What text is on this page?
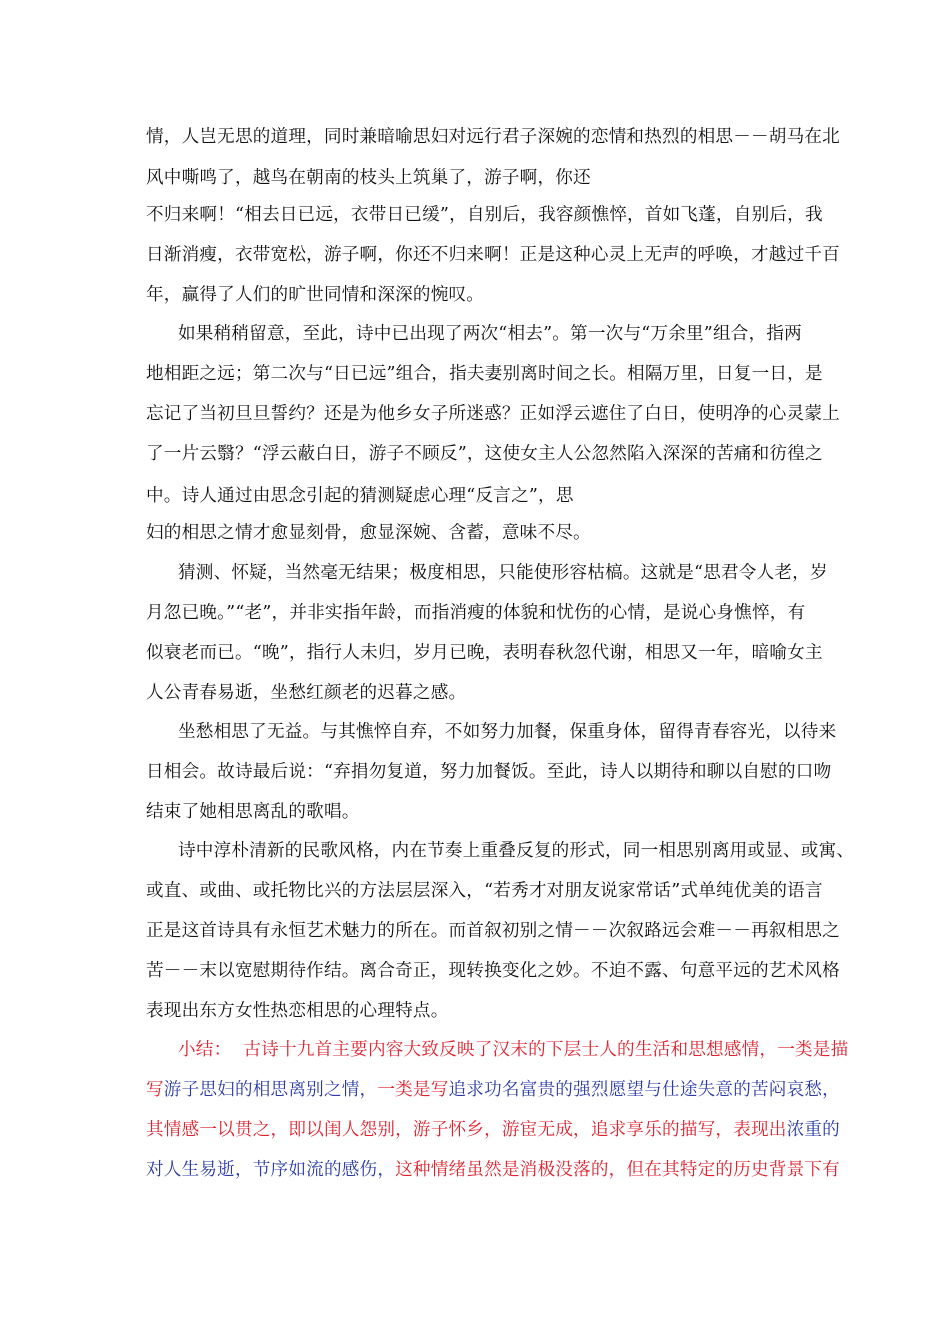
情，人岂无思的道理，同时兼暗喻思妇对远行君子深婉的恋情和热烈的相思－－胡马在北

风中嘶鸣了，越鸟在朝南的枝头上筑巢了，游子啊，你还

不归来啊！“相去日已远，衣带日已缓”，自别后，我容颜憔悴，首如飞蓬，自别后，我

日渐消瘦，衣带宽松，游子啊，你还不归来啊！正是这种心灵上无声的呼唤，才越过千百

年，赢得了人们的旷世同情和深深的惋叹。

如果稍稍留意，至此，诗中已出现了两次“相去”。第一次与“万余里”组合，指两

地相距之远；第二次与“日已远”组合，指夫妻别离时间之长。相隔万里，日复一日，是

忘记了当初旦旦誓约？还是为他乡女子所迷惑？正如浮云遮住了白日，使明净的心灵蒙上

了一片云翳？“浮云蔽白日，游子不顾反”，这使女主人公忽然陷入深深的苦痛和彷徨之

中。诗人通过由思念引起的猜测疑虑心理“反言之”，思

妇的相思之情才愈显刻骨，愈显深婉、含蓄，意味不尽。

猜测、怀疑，当然毫无结果；极度相思，只能使形容枯槁。这就是“思君令人老，岁

月忽已晚。”“老”，并非实指年龄，而指消瘦的体貌和忧伤的心情，是说心身憔悴，有

似衰老而已。“晚”，指行人未归，岁月已晚，表明春秋忽代谢，相思又一年，暗喻女主

人公青春易逝，坐愁红颜老的迟暮之感。

坐愁相思了无益。与其憔悴自弃，不如努力加餐，保重身体，留得青春容光，以待来

日相会。故诗最后说：“弃捐勿复道，努力加餐饭。至此，诗人以期待和聊以自慰的口吻

结束了她相思离乱的歌唱。

诗中淳朴清新的民歌风格，内在节奏上重叠反复的形式，同一相思别离用或显、或寓、

或直、或曲、或托物比兴的方法层层深入，“若秀才对朋友说家常话”式单纯优美的语言

正是这首诗具有永恒艺术魅力的所在。而首叙初别之情－－次叙路远会难－－再叙相思之

苦－－末以宽慰期待作结。离合奇正，现转换变化之妙。不迫不露、句意平远的艺术风格

表现出东方女性热恋相思的心理特点。

小结： 古诗十九首主要内容大致反映了汉末的下层士人的生活和思想感情，一类是描

写游子思妇的相思离别之情，一类是写追求功名富贵的强烈愿望与仕途失意的苦闷哀愁，

其情感一以贯之，即以闺人怨别，游子怀乡，游宦无成，追求享乐的描写，表现出浓重的

对人生易逝，节序如流的感伤，这种情绪虽然是消极没落的，但在其特定的历史背景下有
